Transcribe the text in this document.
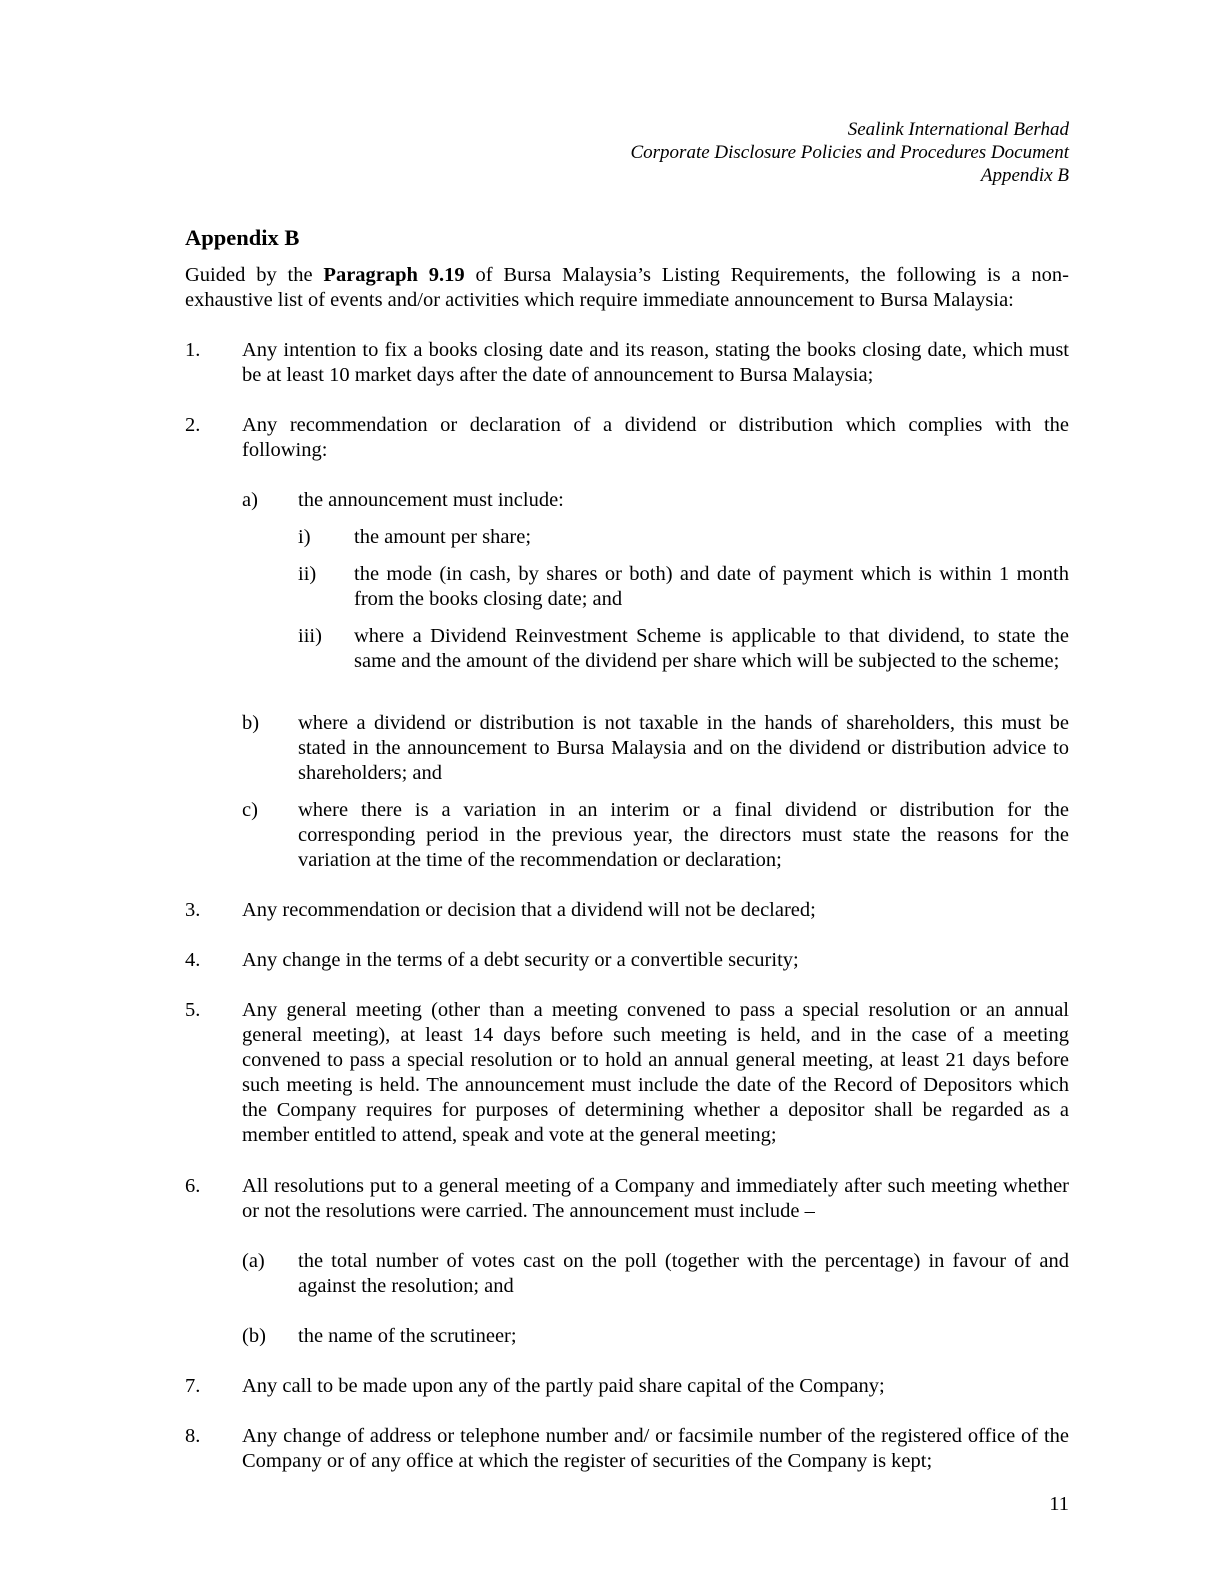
Sealink International Berhad
Corporate Disclosure Policies and Procedures Document
Appendix B
Appendix B

Guided by the Paragraph 9.19 of Bursa Malaysia’s Listing Requirements, the following is a non-exhaustive list of events and/or activities which require immediate announcement to Bursa Malaysia:

1. Any intention to fix a books closing date and its reason, stating the books closing date, which must be at least 10 market days after the date of announcement to Bursa Malaysia;
2. Any recommendation or declaration of a dividend or distribution which complies with the following:
a) the announcement must include:
i) the amount per share;
ii) the mode (in cash, by shares or both) and date of payment which is within 1 month from the books closing date; and
iii) where a Dividend Reinvestment Scheme is applicable to that dividend, to state the same and the amount of the dividend per share which will be subjected to the scheme;
b) where a dividend or distribution is not taxable in the hands of shareholders, this must be stated in the announcement to Bursa Malaysia and on the dividend or distribution advice to shareholders; and
c) where there is a variation in an interim or a final dividend or distribution for the corresponding period in the previous year, the directors must state the reasons for the variation at the time of the recommendation or declaration;
3. Any recommendation or decision that a dividend will not be declared;
4. Any change in the terms of a debt security or a convertible security;
5. Any general meeting (other than a meeting convened to pass a special resolution or an annual general meeting), at least 14 days before such meeting is held, and in the case of a meeting convened to pass a special resolution or to hold an annual general meeting, at least 21 days before such meeting is held. The announcement must include the date of the Record of Depositors which the Company requires for purposes of determining whether a depositor shall be regarded as a member entitled to attend, speak and vote at the general meeting;
6. All resolutions put to a general meeting of a Company and immediately after such meeting whether or not the resolutions were carried. The announcement must include –
(a) the total number of votes cast on the poll (together with the percentage) in favour of and against the resolution; and
(b) the name of the scrutineer;
7. Any call to be made upon any of the partly paid share capital of the Company;
8. Any change of address or telephone number and/ or facsimile number of the registered office of the Company or of any office at which the register of securities of the Company is kept;
11
